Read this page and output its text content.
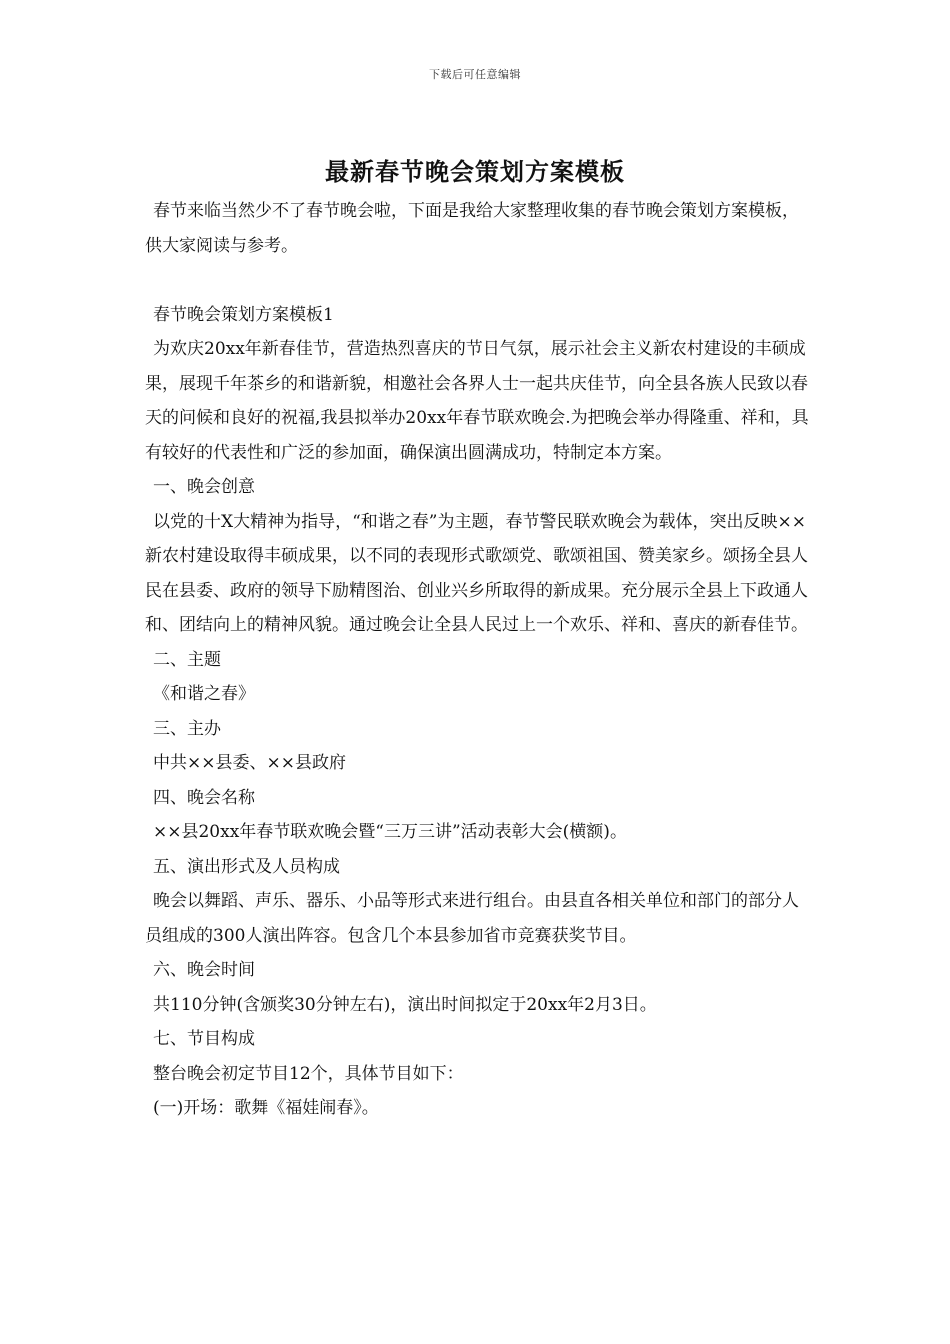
下载后可任意编辑
最新春节晚会策划方案模板

春节来临当然少不了春节晚会啦，下面是我给大家整理收集的春节晚会策划方案模板，供大家阅读与参考。

春节晚会策划方案模板1

为欢庆20xx年新春佳节，营造热烈喜庆的节日气氛，展示社会主义新农村建设的丰硕成果，展现千年茶乡的和谐新貌，相邀社会各界人士一起共庆佳节，向全县各族人民致以春天的问候和良好的祝福,我县拟举办20xx年春节联欢晚会.为把晚会举办得隆重、祥和，具有较好的代表性和广泛的参加面，确保演出圆满成功，特制定本方案。

一、晚会创意

以党的十X大精神为指导，“和谐之春”为主题，春节警民联欢晚会为载体，突出反映××新农村建设取得丰硕成果，以不同的表现形式歌颂党、歌颂祖国、赞美家乡。颂扬全县人民在县委、政府的领导下励精图治、创业兴乡所取得的新成果。充分展示全县上下政通人和、团结向上的精神风貌。通过晚会让全县人民过上一个欢乐、祥和、喜庆的新春佳节。

二、主题

《和谐之春》

三、主办

中共××县委、××县政府

四、晚会名称

××县20xx年春节联欢晚会暨“三万三讲”活动表彰大会(横额)。

五、演出形式及人员构成

晚会以舞蹈、声乐、器乐、小品等形式来进行组台。由县直各相关单位和部门的部分人员组成的300人演出阵容。包含几个本县参加省市竞赛获奖节目。

六、晚会时间

共110分钟(含颁奖30分钟左右)，演出时间拟定于20xx年2月3日。

七、节目构成

整台晚会初定节目12个，具体节目如下：

(一)开场：歌舞《福娃闹春》。
